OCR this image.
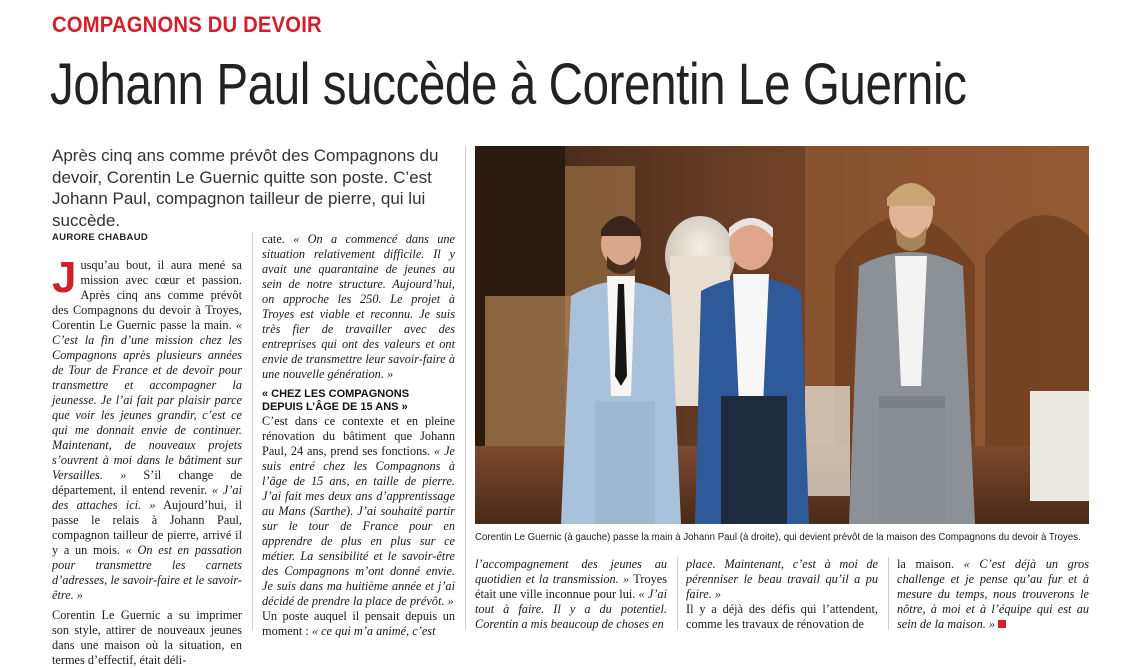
COMPAGNONS DU DEVOIR
Johann Paul succède à Corentin Le Guernic
Après cinq ans comme prévôt des Compagnons du devoir, Corentin Le Guernic quitte son poste. C’est Johann Paul, compagnon tailleur de pierre, qui lui succède.
AURORE CHABAUD

Jusqu’au bout, il aura mené sa mission avec cœur et passion. Après cinq ans comme prévôt des Compagnons du devoir à Troyes, Corentin Le Guernic passe la main. « C’est la fin d’une mission chez les Compagnons après plusieurs années de Tour de France et de devoir pour transmettre et accompagner la jeunesse. Je l’ai fait par plaisir parce que voir les jeunes grandir, c’est ce qui me donnait envie de continuer. Maintenant, de nouveaux projets s’ouvrent à moi dans le bâtiment sur Versailles. » S’il change de département, il entend revenir. « J’ai des attaches ici. » Aujourd’hui, il passe le relais à Johann Paul, compagnon tailleur de pierre, arrivé il y a un mois. « On est en passation pour transmettre les carnets d’adresses, le savoir-faire et le savoir-être. »

Corentin Le Guernic a su imprimer son style, attirer de nouveaux jeunes dans une maison où la situation, en termes d’effectif, était déli-

cate. « On a commencé dans une situation relativement difficile. Il y avait une quarantaine de jeunes au sein de notre structure. Aujourd’hui, on approche les 250. Le projet à Troyes est viable et reconnu. Je suis très fier de travailler avec des entreprises qui ont des valeurs et ont envie de transmettre leur savoir-faire à une nouvelle génération. »

« CHEZ LES COMPAGNONS
DEPUIS L’ÂGE DE 15 ANS »

C’est dans ce contexte et en pleine rénovation du bâtiment que Johann Paul, 24 ans, prend ses fonctions. « Je suis entré chez les Compagnons à l’âge de 15 ans, en taille de pierre. J’ai fait mes deux ans d’apprentissage au Mans (Sarthe). J’ai souhaité partir sur le tour de France pour en apprendre de plus en plus sur ce métier. La sensibilité et le savoir-être des Compagnons m’ont donné envie. Je suis dans ma huitième année et j’ai décidé de prendre la place de prévôt. »

Un poste auquel il pensait depuis un moment : « ce qui m’a animé, c’est

Corentin Le Guernic (à gauche) passe la main à Johann Paul (à droite), qui devient prévôt de la maison des Compagnons du devoir à Troyes.

l’accompagnement des jeunes au quotidien et la transmission. » Troyes était une ville inconnue pour lui. « J’ai tout à faire. Il y a du potentiel. Corentin a mis beaucoup de choses en

place. Maintenant, c’est à moi de pérenniser le beau travail qu’il a pu faire. »

Il y a déjà des défis qui l’attendent, comme les travaux de rénovation de

la maison. « C’est déjà un gros challenge et je pense qu’au fur et à mesure du temps, nous trouverons le nôtre, à moi et à l’équipe qui est au sein de la maison. »
